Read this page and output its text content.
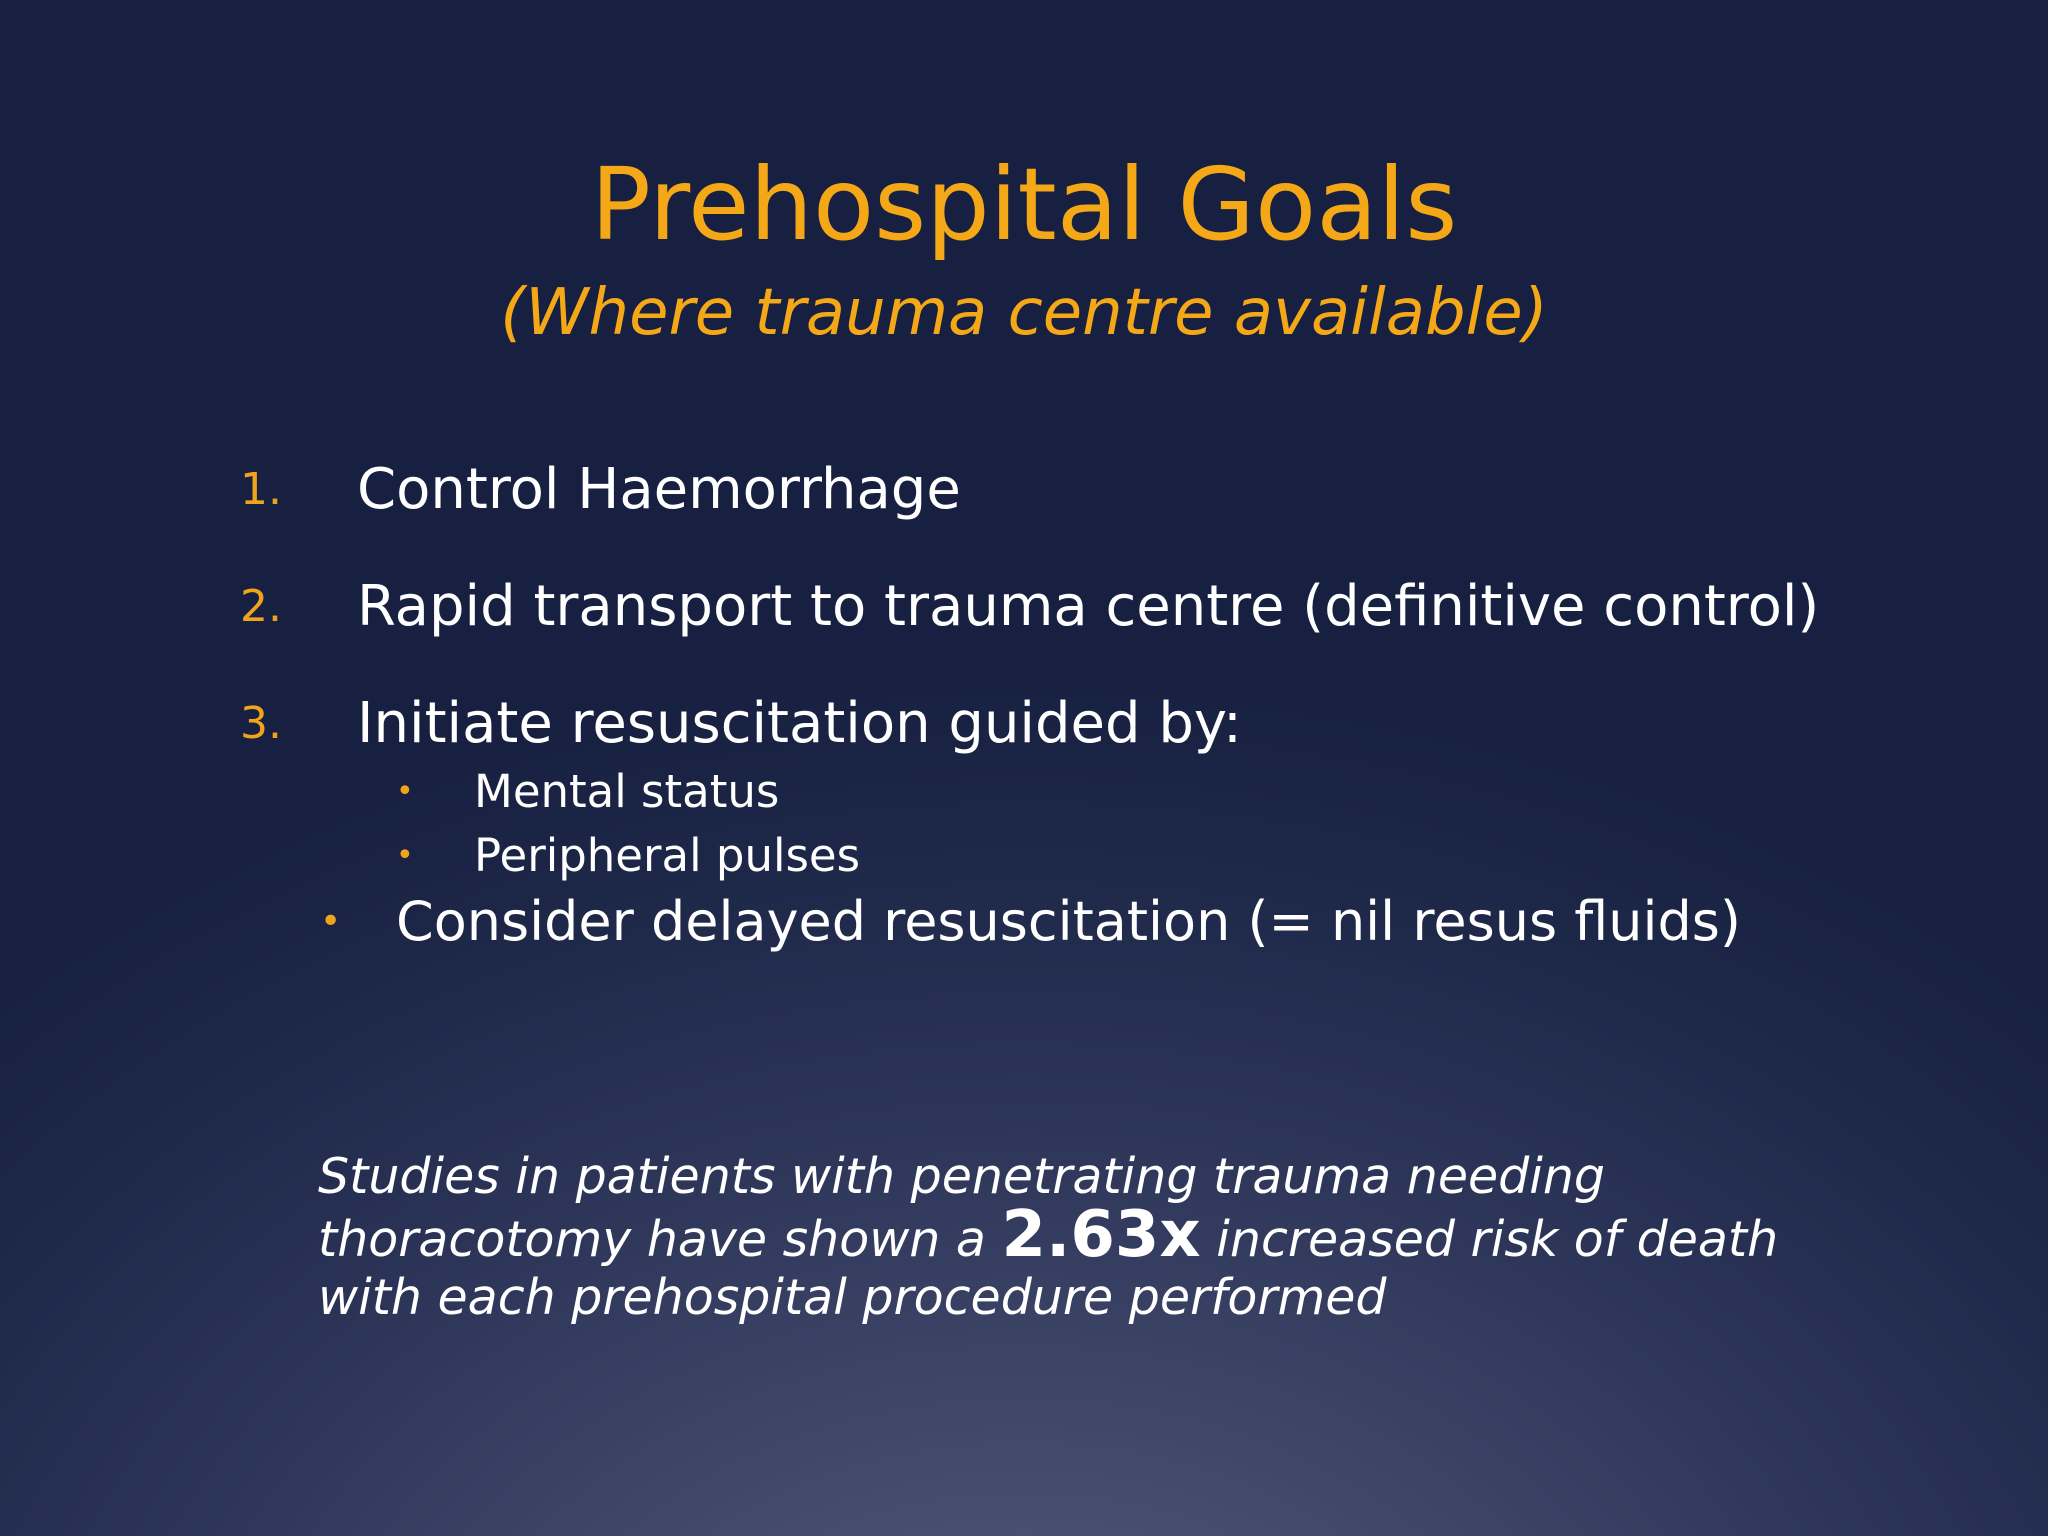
Prehospital Goals
(Where trauma centre available)
1. Control Haemorrhage
2. Rapid transport to trauma centre (definitive control)
3. Initiate resuscitation guided by:
• Mental status
• Peripheral pulses
• Consider delayed resuscitation (= nil resus fluids)
Studies in patients with penetrating trauma needing
thoracotomy have shown a 2.63x increased risk of death
with each prehospital procedure performed
